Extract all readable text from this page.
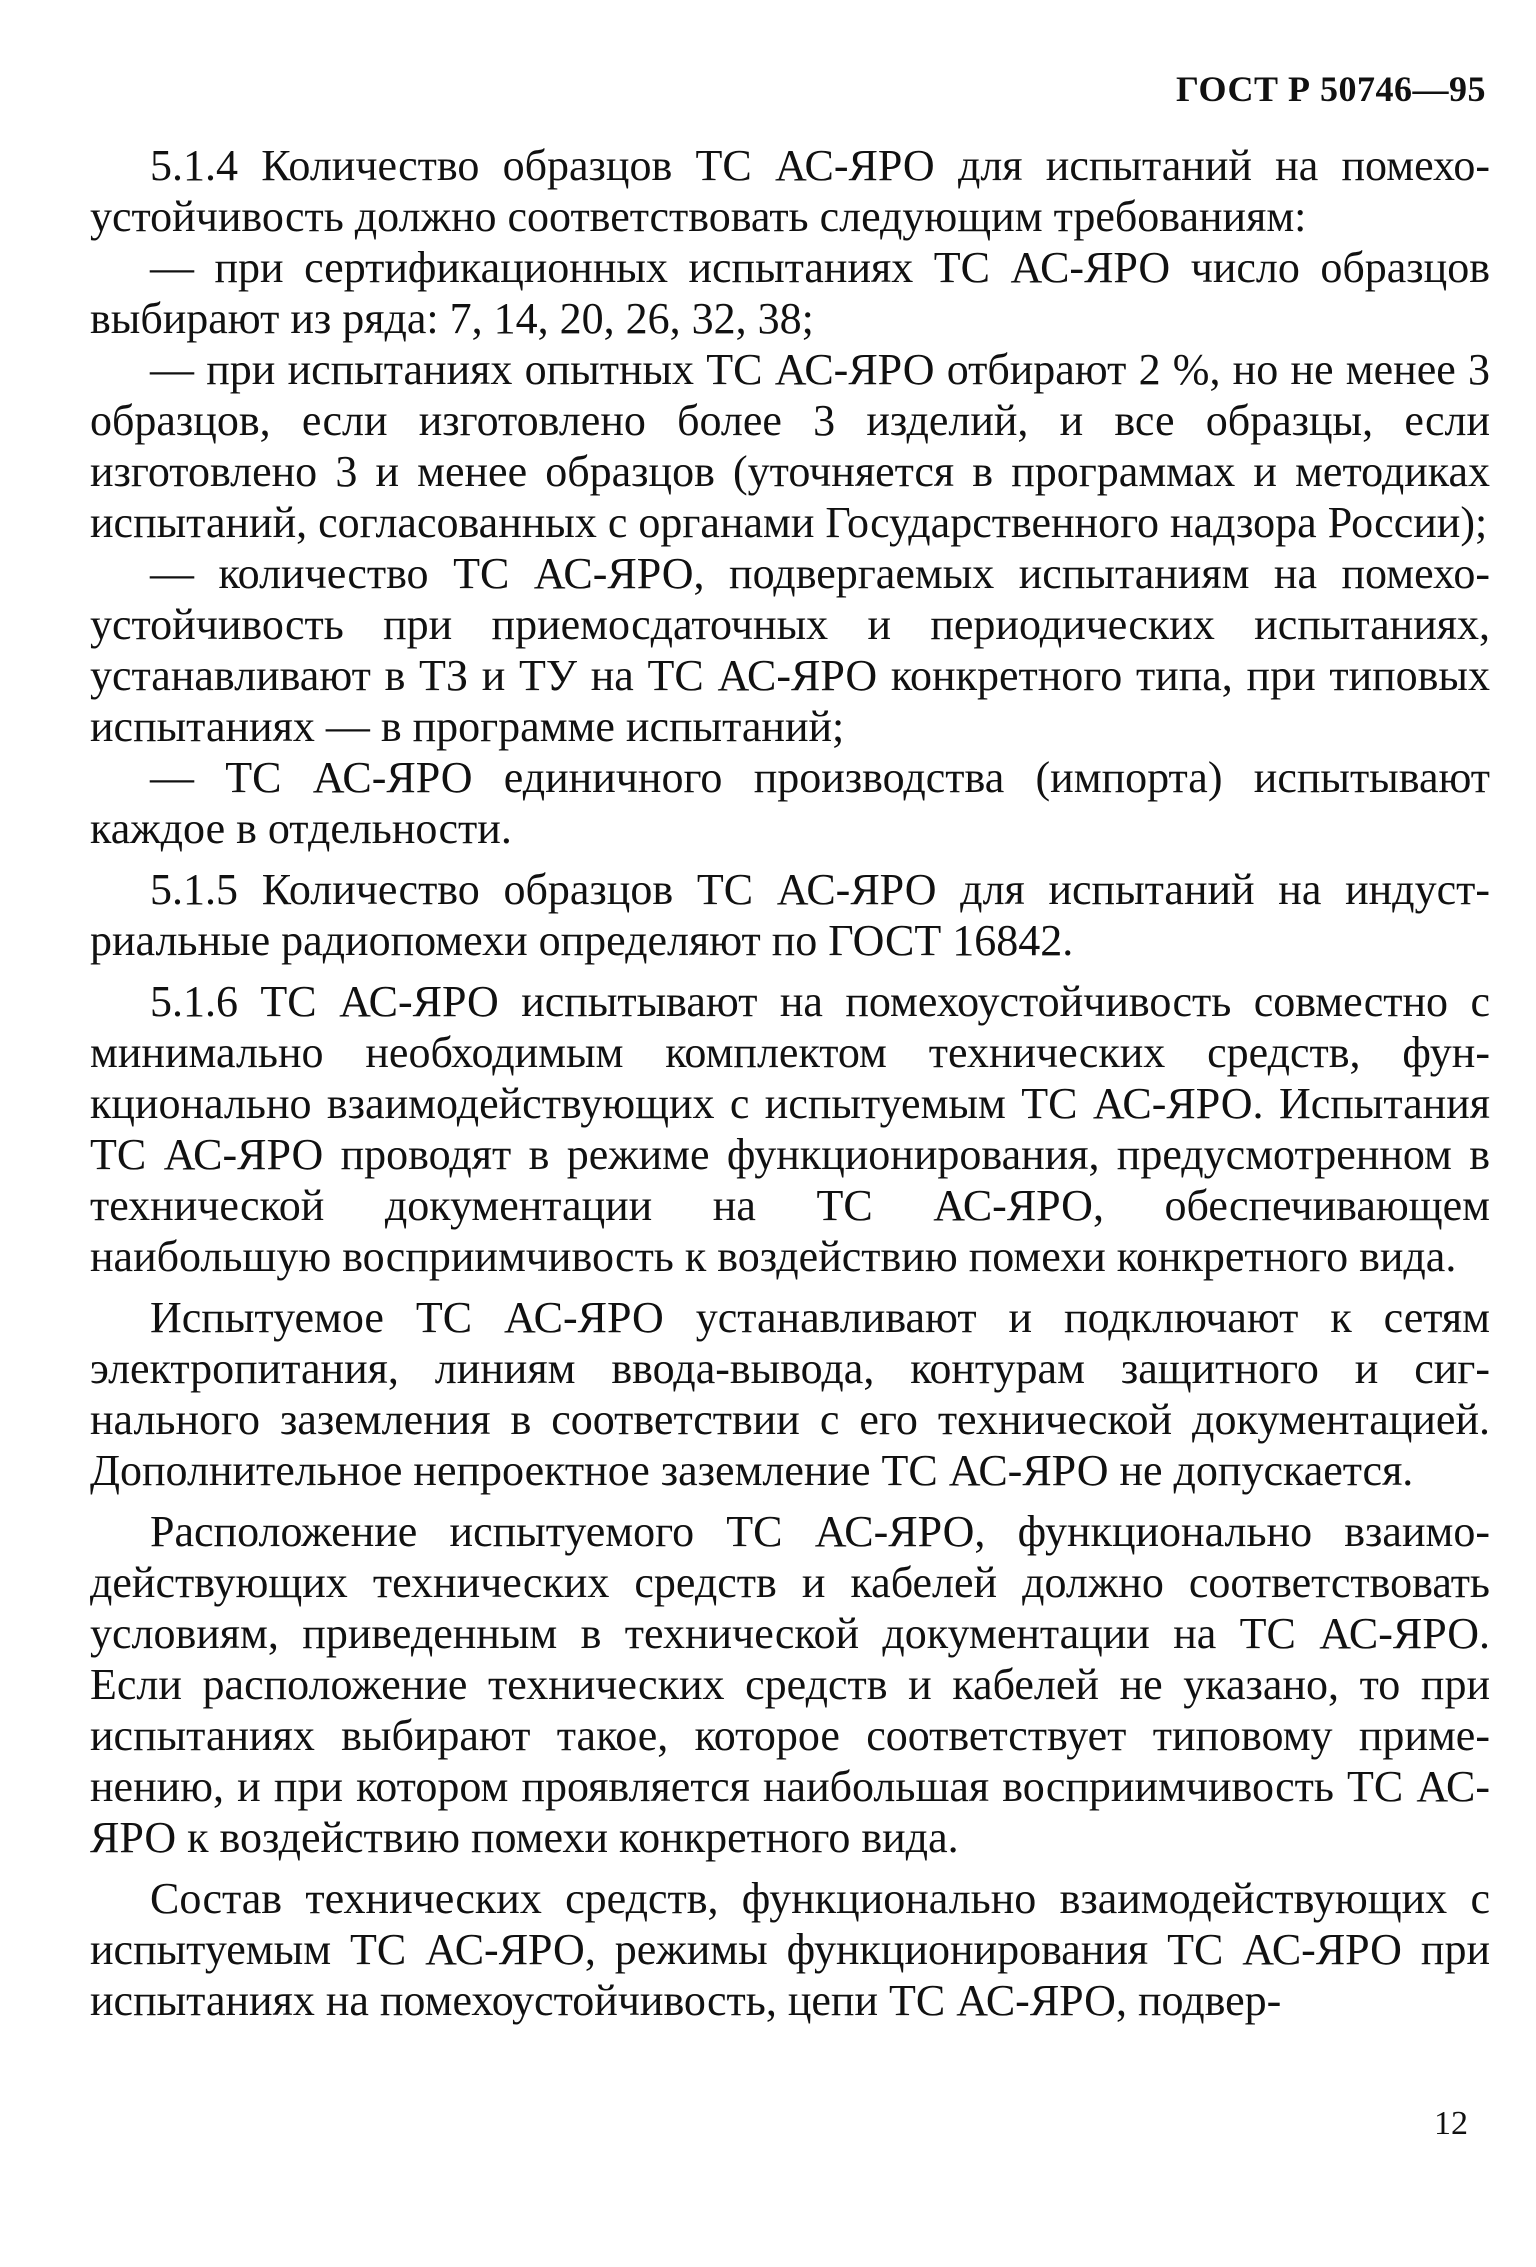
ГОСТ Р 50746—95

5.1.4 Количество образцов ТС АС-ЯРО для испытаний на помехоустойчивость должно соответствовать следующим требованиям:

— при сертификационных испытаниях ТС АС-ЯРО число образцов выбирают из ряда: 7, 14, 20, 26, 32, 38;

— при испытаниях опытных ТС АС-ЯРО отбирают 2 %, но не менее 3 образцов, если изготовлено более 3 изделий, и все образцы, если изготовлено 3 и менее образцов (уточняется в программах и методиках испытаний, согласованных с органами Государственного надзора России);

— количество ТС АС-ЯРО, подвергаемых испытаниям на помехоустойчивость при приемосдаточных и периодических испытаниях, устанавливают в ТЗ и ТУ на ТС АС-ЯРО конкретного типа, при типовых испытаниях — в программе испытаний;

— ТС АС-ЯРО единичного производства (импорта) испытывают каждое в отдельности.

5.1.5 Количество образцов ТС АС-ЯРО для испытаний на индустриальные радиопомехи определяют по ГОСТ 16842.

5.1.6 ТС АС-ЯРО испытывают на помехоустойчивость совместно с минимально необходимым комплектом технических средств, функционально взаимодействующих с испытуемым ТС АС-ЯРО. Испытания ТС АС-ЯРО проводят в режиме функционирования, предусмотренном в технической документации на ТС АС-ЯРО, обеспечивающем наибольшую восприимчивость к воздействию помехи конкретного вида.

Испытуемое ТС АС-ЯРО устанавливают и подключают к сетям электропитания, линиям ввода-вывода, контурам защитного и сигнального заземления в соответствии с его технической документацией. Дополнительное непроектное заземление ТС АС-ЯРО не допускается.

Расположение испытуемого ТС АС-ЯРО, функционально взаимодействующих технических средств и кабелей должно соответствовать условиям, приведенным в технической документации на ТС АС-ЯРО. Если расположение технических средств и кабелей не указано, то при испытаниях выбирают такое, которое соответствует типовому применению, и при котором проявляется наибольшая восприимчивость ТС АС-ЯРО к воздействию помехи конкретного вида.

Состав технических средств, функционально взаимодействующих с испытуемым ТС АС-ЯРО, режимы функционирования ТС АС-ЯРО при испытаниях на помехоустойчивость, цепи ТС АС-ЯРО, подвер-

12
